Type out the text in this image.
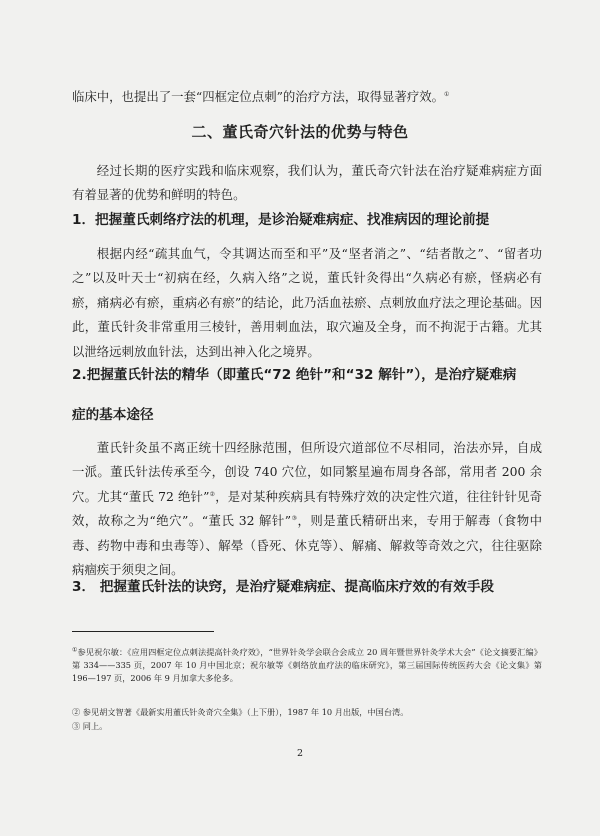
临床中，也提出了一套“四框定位点刺”的治疗方法，取得显著疗效。①

二、董氏奇穴针法的优势与特色

经过长期的医疗实践和临床观察，我们认为，董氏奇穴针法在治疗疑难病症方面有着显著的优势和鲜明的特色。

1．把握董氏刺络疗法的机理，是诊治疑难病症、找准病因的理论前提

根据内经“疏其血气，令其调达而至和平”及“坚者消之”、“结者散之”、“留者功之”以及叶天士“初病在经，久病入络”之说，董氏针灸得出“久病必有瘀，怪病必有瘀，痛病必有瘀，重病必有瘀”的结论，此乃活血祛瘀、点刺放血疗法之理论基础。因此，董氏针灸非常重用三棱针，善用刺血法，取穴遍及全身，而不拘泥于古籍。尤其以泄络远刺放血针法，达到出神入化之境界。

2.把握董氏针法的精华（即董氏“72 绝针”和“32 解针”），是治疗疑难病

症的基本途径

董氏针灸虽不离正统十四经脉范围，但所设穴道部位不尽相同，治法亦异，自成一派。董氏针法传承至今，创设 740 穴位，如同繁星遍布周身各部，常用者 200 余穴。尤其“董氏 72 绝针”②，是对某种疾病具有特殊疗效的决定性穴道，往往针针见奇效，故称之为“绝穴”。“董氏 32 解针”③，则是董氏精研出来，专用于解毒（食物中毒、药物中毒和虫毒等）、解晕（昏死、休克等）、解痛、解救等奇效之穴，往往驱除病痼疾于须臾之间。

3． 把握董氏针法的诀窍，是治疗疑难病症、提高临床疗效的有效手段

①参见祝尔敏：《应用四框定位点刺法提高针灸疗效》，“世界针灸学会联合会成立 20 周年暨世界针灸学术大会”《论文摘要汇编》第 334——335 页，2007 年 10 月中国北京；祝尔敏等《刺络放血疗法的临床研究》，第三届国际传统医药大会《论文集》第 196—197 页，2006 年 9 月加拿大多伦多。

② 参见胡文智著《最新实用董氏针灸奇穴全集》（上下册），1987 年 10 月出版，中国台湾。

③ 同上。

2
